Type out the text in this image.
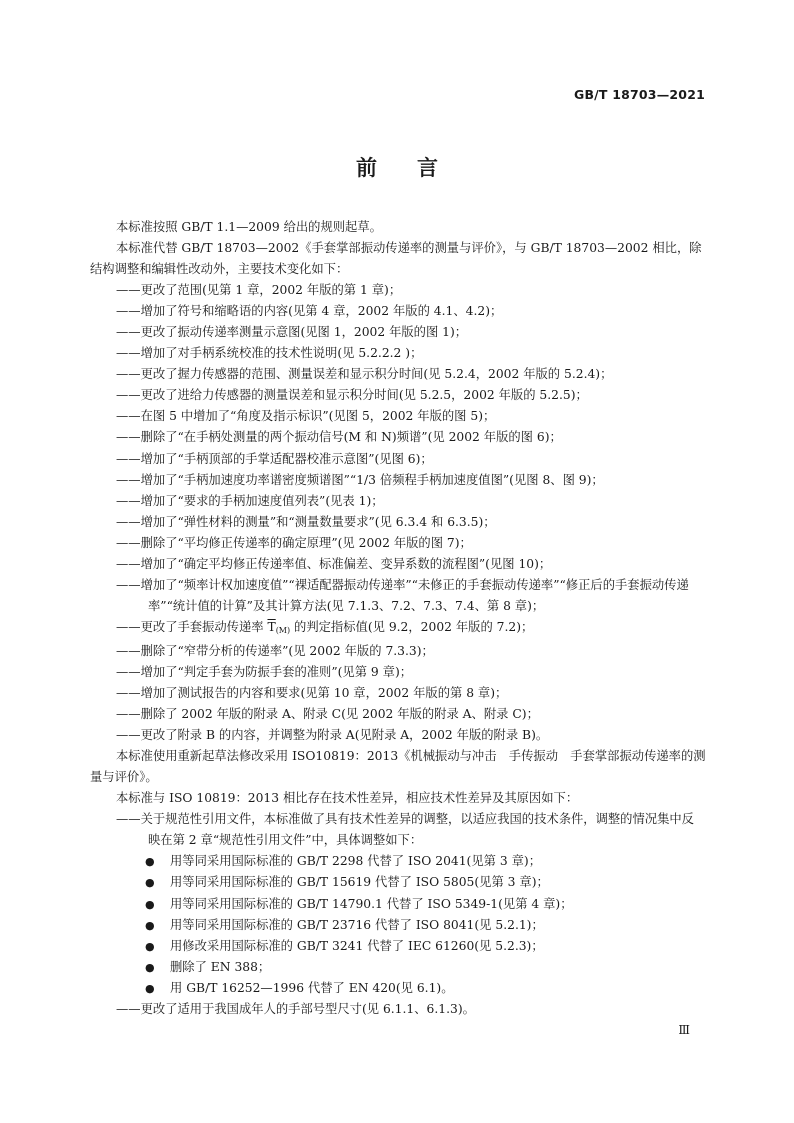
GB/T 18703—2021
前言

本标准按照 GB/T 1.1—2009 给出的规则起草。

本标准代替 GB/T 18703—2002《手套掌部振动传递率的测量与评价》，与 GB/T 18703—2002 相比，除结构调整和编辑性改动外，主要技术变化如下：

——更改了范围(见第 1 章，2002 年版的第 1 章)；

——增加了符号和缩略语的内容(见第 4 章，2002 年版的 4.1、4.2)；

——更改了振动传递率测量示意图(见图 1，2002 年版的图 1)；

——增加了对手柄系统校准的技术性说明(见 5.2.2.2 )；

——更改了握力传感器的范围、测量误差和显示积分时间(见 5.2.4，2002 年版的 5.2.4)；

——更改了进给力传感器的测量误差和显示积分时间(见 5.2.5，2002 年版的 5.2.5)；

——在图 5 中增加了“角度及指示标识”(见图 5，2002 年版的图 5)；

——删除了“在手柄处测量的两个振动信号(M 和 N)频谱”(见 2002 年版的图 6)；

——增加了“手柄顶部的手掌适配器校准示意图”(见图 6)；

——增加了“手柄加速度功率谱密度频谱图”“1/3 倍频程手柄加速度值图”(见图 8、图 9)；

——增加了“要求的手柄加速度值列表”(见表 1)；

——增加了“弹性材料的测量”和“测量数量要求”(见 6.3.4 和 6.3.5)；

——删除了“平均修正传递率的确定原理”(见 2002 年版的图 7)；

——增加了“确定平均修正传递率值、标准偏差、变异系数的流程图”(见图 10)；

——增加了“频率计权加速度值”“裸适配器振动传递率”“未修正的手套振动传递率”“修正后的手套振动传递率”“统计值的计算”及其计算方法(见 7.1.3、7.2、7.3、7.4、第 8 章)；

——更改了手套振动传递率 $\overline{T}_{(M)}$ 的判定指标值(见 9.2，2002 年版的 7.2)；

——删除了“窄带分析的传递率”(见 2002 年版的 7.3.3)；

——增加了“判定手套为防振手套的准则”(见第 9 章)；

——增加了测试报告的内容和要求(见第 10 章，2002 年版的第 8 章)；

——删除了 2002 年版的附录 A、附录 C(见 2002 年版的附录 A、附录 C)；

——更改了附录 B 的内容，并调整为附录 A(见附录 A，2002 年版的附录 B)。

本标准使用重新起草法修改采用 ISO10819：2013《机械振动与冲击　手传振动　手套掌部振动传递率的测量与评价》。

本标准与 ISO 10819：2013 相比存在技术性差异，相应技术性差异及其原因如下：

——关于规范性引用文件，本标准做了具有技术性差异的调整，以适应我国的技术条件，调整的情况集中反映在第 2 章“规范性引用文件”中，具体调整如下：

● 用等同采用国际标准的 GB/T 2298 代替了 ISO 2041(见第 3 章)；

● 用等同采用国际标准的 GB/T 15619 代替了 ISO 5805(见第 3 章)；

● 用等同采用国际标准的 GB/T 14790.1 代替了 ISO 5349-1(见第 4 章)；

● 用等同采用国际标准的 GB/T 23716 代替了 ISO 8041(见 5.2.1)；

● 用修改采用国际标准的 GB/T 3241 代替了 IEC 61260(见 5.2.3)；

● 删除了 EN 388；

● 用 GB/T 16252—1996 代替了 EN 420(见 6.1)。

——更改了适用于我国成年人的手部号型尺寸(见 6.1.1、6.1.3)。

Ⅲ
